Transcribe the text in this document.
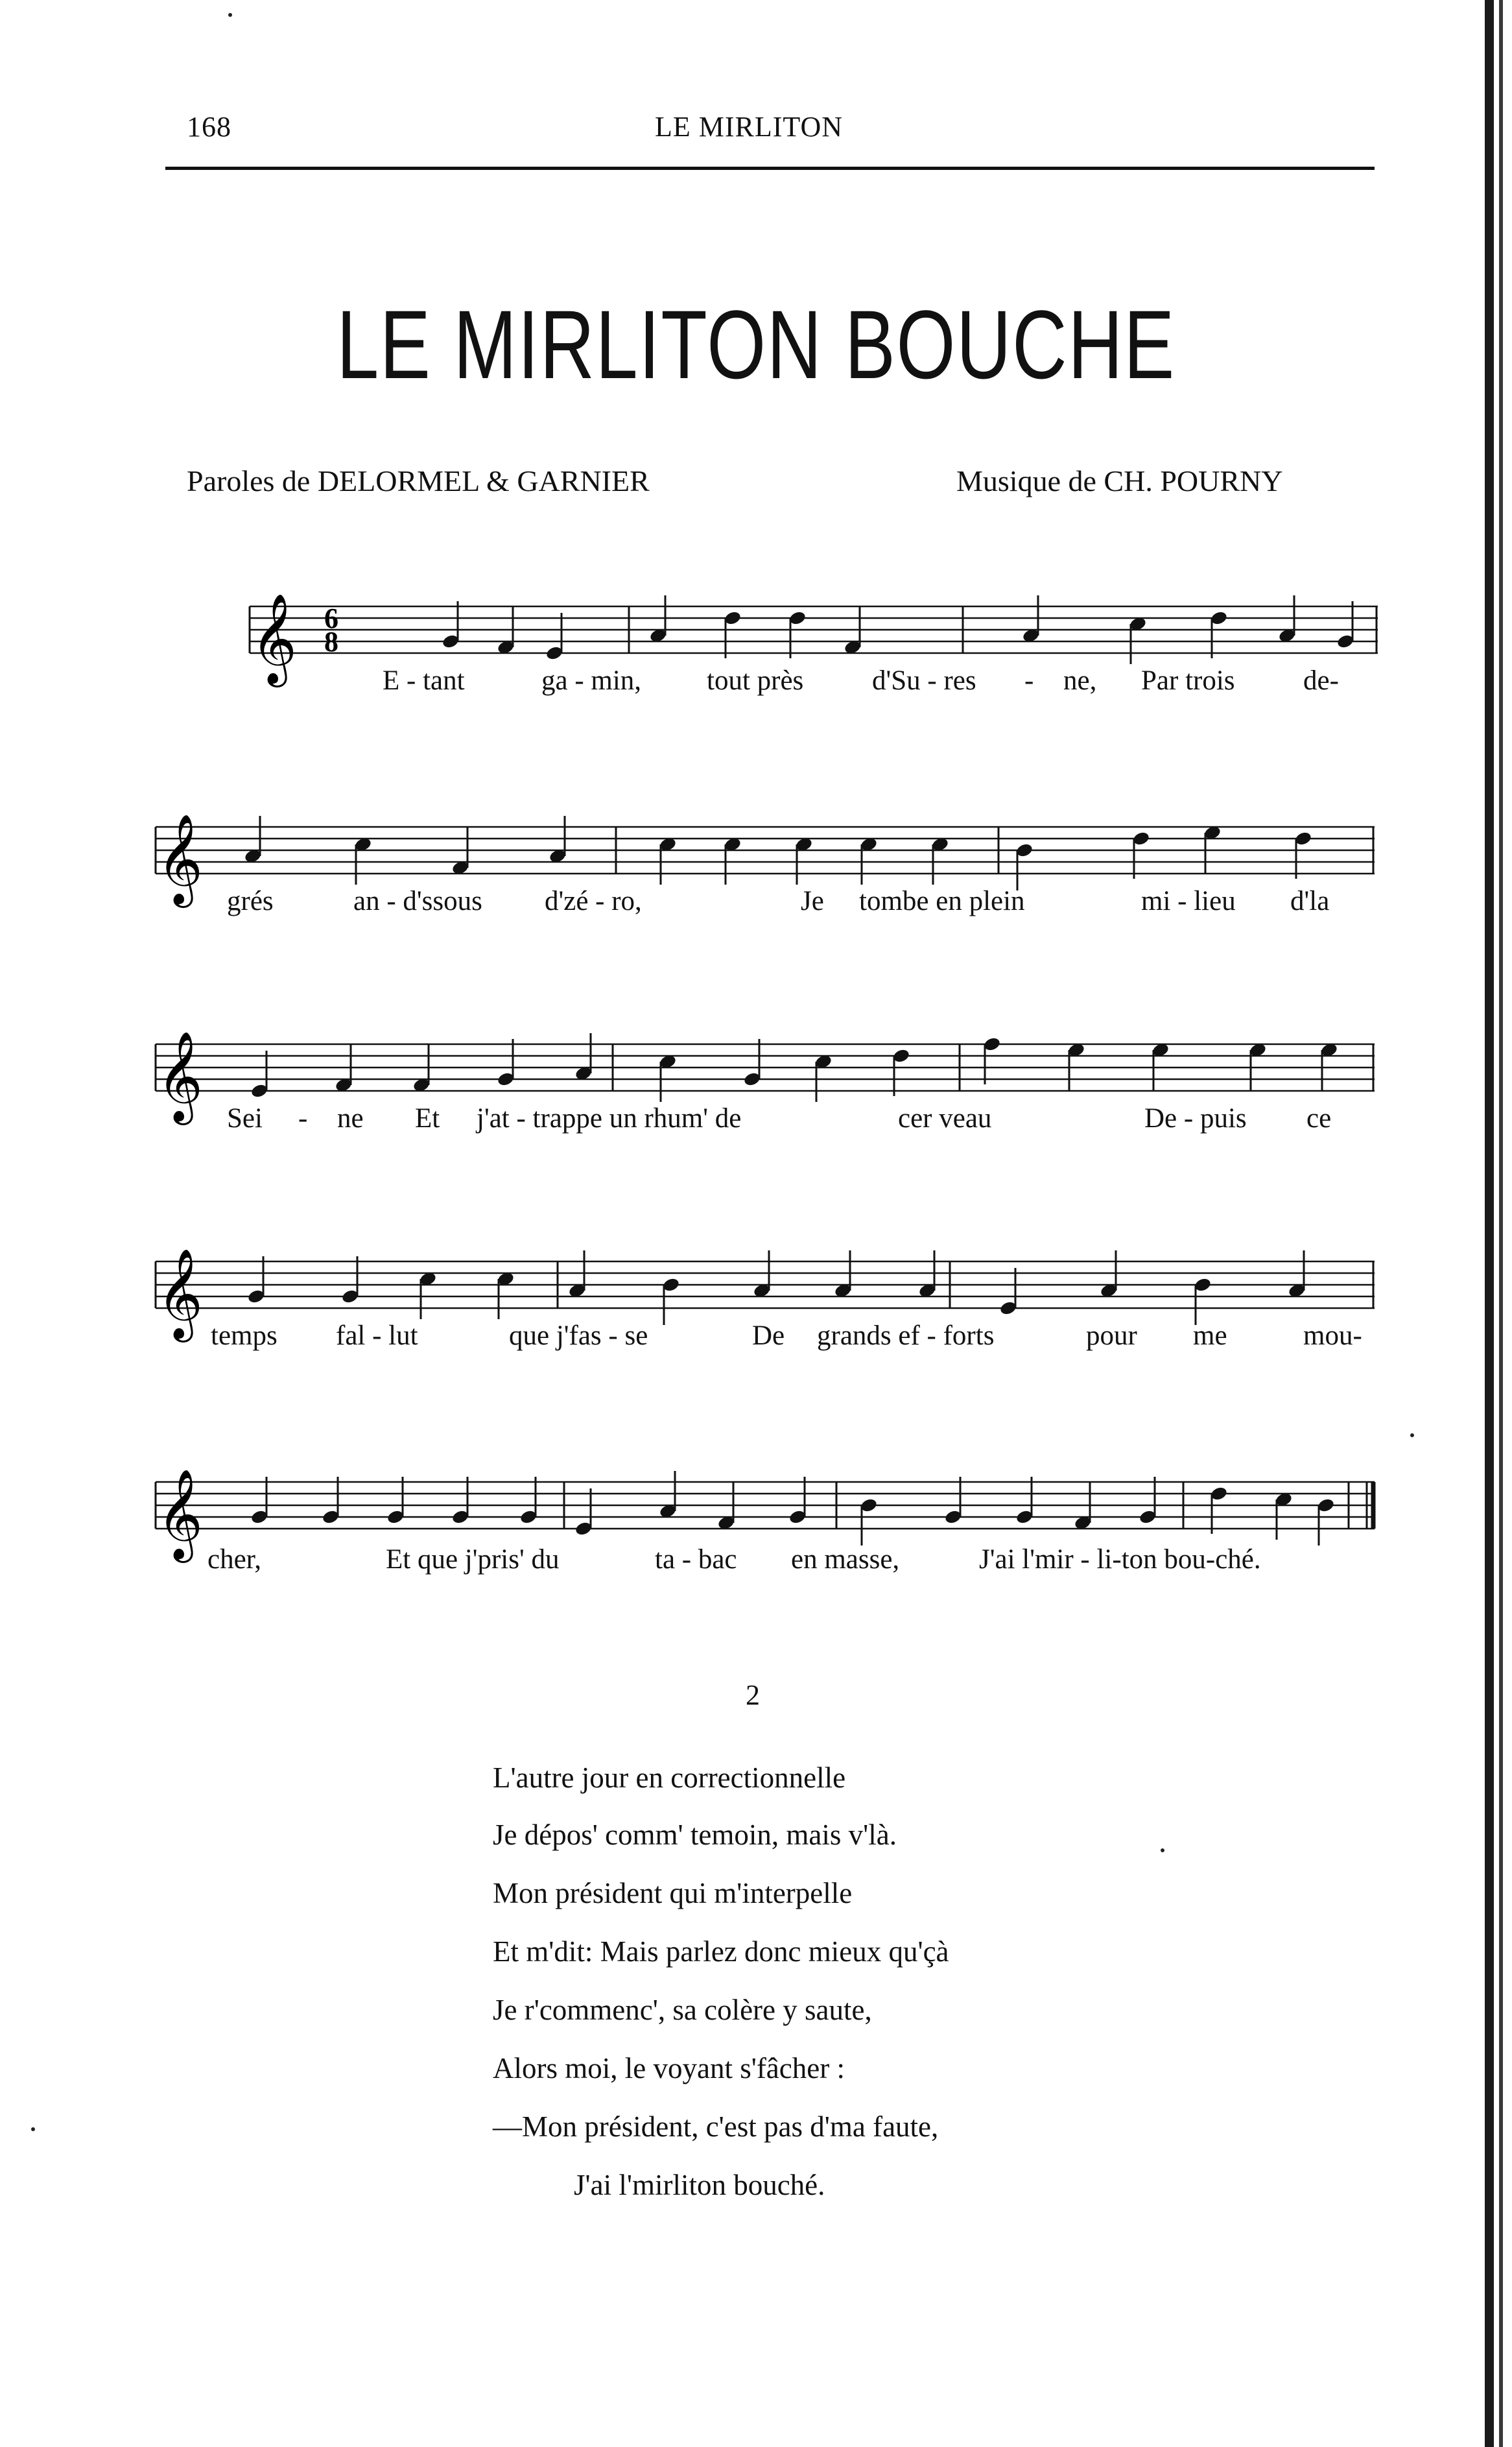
168	LE MIRLITON
LE MIRLITON BOUCHE
Paroles de DELORMEL & GARNIER	Musique de CH. POURNY
𝄞 6
8
E - tant	ga - min, tout près d'Su - res - ne, Par trois de-
𝄞 grés	an - d'ssous d'zé - ro,	Je tombe en plein	mi - lieu d'la
𝄞 Sei - ne Et j'at - trappe un rhum' de	cer veau	De - puis ce
𝄞 temps fal - lut	que j'fas - se	De grands ef - forts	pour me	mou-
𝄞
cher,	Et que j'pris' du	ta - bac en masse,	J'ai l'mir - li-ton bou-ché.
2
L'autre jour en correctionnelle
Je dépos' comm' temoin, mais v'là.
Mon président qui m'interpelle
Et m'dit: Mais parlez donc mieux qu'çà
Je r'commenc', sa colère y saute,
Alors moi, le voyant s'fâcher :
—Mon président, c'est pas d'ma faute,
J'ai l'mirliton bouché.
